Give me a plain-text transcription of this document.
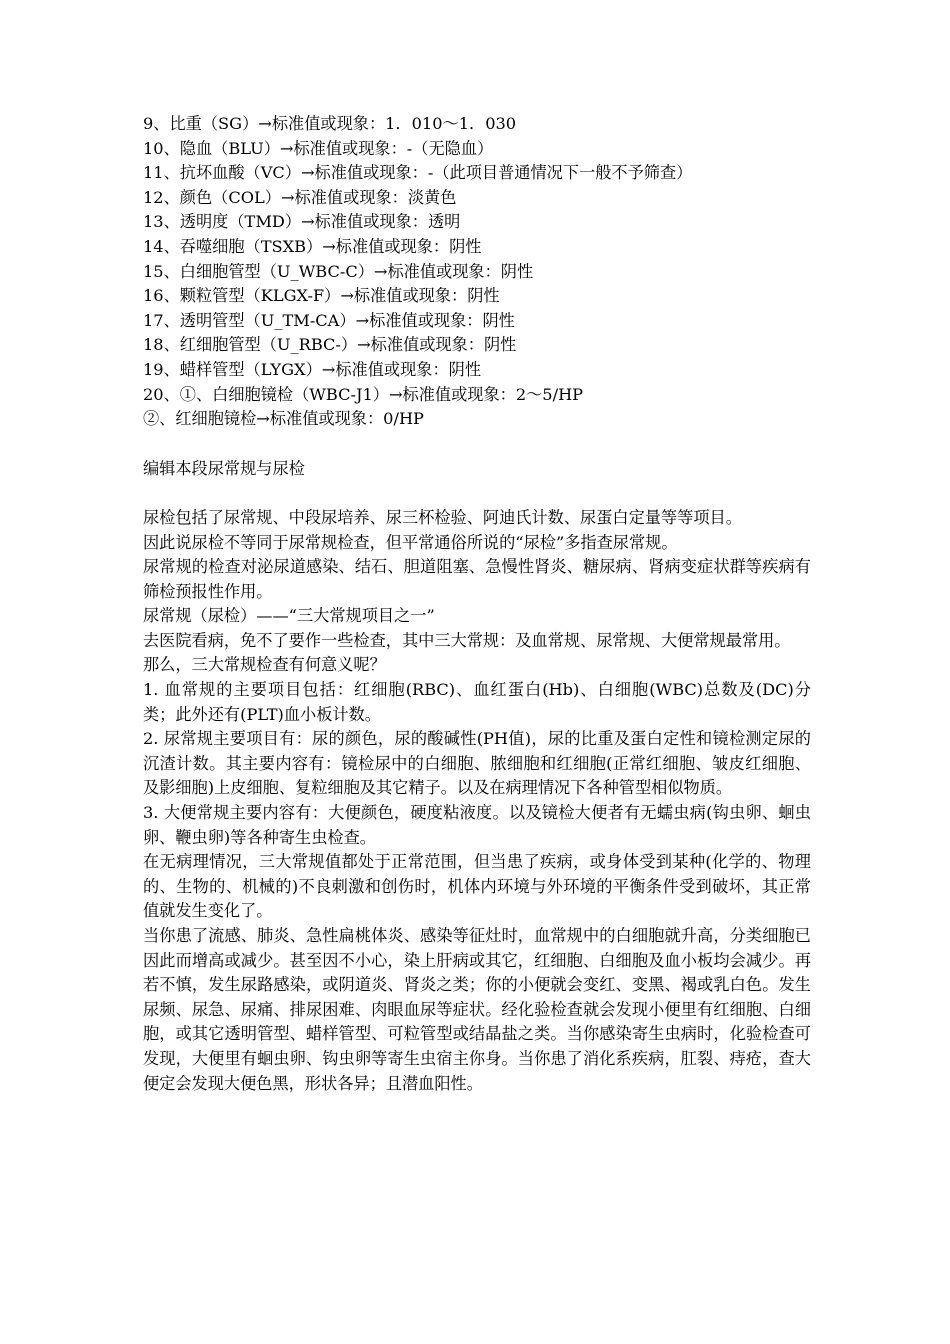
9、比重（SG）→标准值或现象：1．010～1．030
10、隐血（BLU）→标准值或现象：-（无隐血）
11、抗坏血酸（VC）→标准值或现象：-（此项目普通情况下一般不予筛查）
12、颜色（COL）→标准值或现象：淡黄色
13、透明度（TMD）→标准值或现象：透明
14、吞噬细胞（TSXB）→标准值或现象：阴性
15、白细胞管型（U_WBC-C）→标准值或现象：阴性
16、颗粒管型（KLGX-F）→标准值或现象：阴性
17、透明管型（U_TM-CA）→标准值或现象：阴性
18、红细胞管型（U_RBC-）→标准值或现象：阴性
19、蜡样管型（LYGX）→标准值或现象：阴性
20、①、白细胞镜检（WBC-J1）→标准值或现象：2～5/HP
②、红细胞镜检→标准值或现象：0/HP
编辑本段尿常规与尿检

尿检包括了尿常规、中段尿培养、尿三杯检验、阿迪氏计数、尿蛋白定量等等项目。

因此说尿检不等同于尿常规检查，但平常通俗所说的“尿检”多指查尿常规。

尿常规的检查对泌尿道感染、结石、胆道阻塞、急慢性肾炎、糖尿病、肾病变症状群等疾病有筛检预报性作用。

尿常规（尿检）——“三大常规项目之一”

去医院看病，免不了要作一些检查，其中三大常规：及血常规、尿常规、大便常规最常用。

那么，三大常规检查有何意义呢？

1. 血常规的主要项目包括：红细胞(RBC)、血红蛋白(Hb)、白细胞(WBC)总数及(DC)分类；此外还有(PLT)血小板计数。

2. 尿常规主要项目有：尿的颜色，尿的酸碱性(PH值)，尿的比重及蛋白定性和镜检测定尿的沉渣计数。其主要内容有：镜检尿中的白细胞、脓细胞和红细胞(正常红细胞、皱皮红细胞、及影细胞)上皮细胞、复粒细胞及其它精子。以及在病理情况下各种管型相似物质。

3. 大便常规主要内容有：大便颜色，硬度粘液度。以及镜检大便者有无蠕虫病(钩虫卵、蛔虫卵、鞭虫卵)等各种寄生虫检查。

在无病理情况，三大常规值都处于正常范围，但当患了疾病，或身体受到某种(化学的、物理的、生物的、机械的)不良刺激和创伤时，机体内环境与外环境的平衡条件受到破坏，其正常值就发生变化了。

当你患了流感、肺炎、急性扁桃体炎、感染等征灶时，血常规中的白细胞就升高，分类细胞已因此而增高或减少。甚至因不小心，染上肝病或其它，红细胞、白细胞及血小板均会减少。再若不慎，发生尿路感染，或阴道炎、肾炎之类；你的小便就会变红、变黑、褐或乳白色。发生尿频、尿急、尿痛、排尿困难、肉眼血尿等症状。经化验检查就会发现小便里有红细胞、白细胞，或其它透明管型、蜡样管型、可粒管型或结晶盐之类。当你感染寄生虫病时，化验检查可发现，大便里有蛔虫卵、钩虫卵等寄生虫宿主你身。当你患了消化系疾病，肛裂、痔疮，查大便定会发现大便色黑，形状各异；且潜血阳性。
